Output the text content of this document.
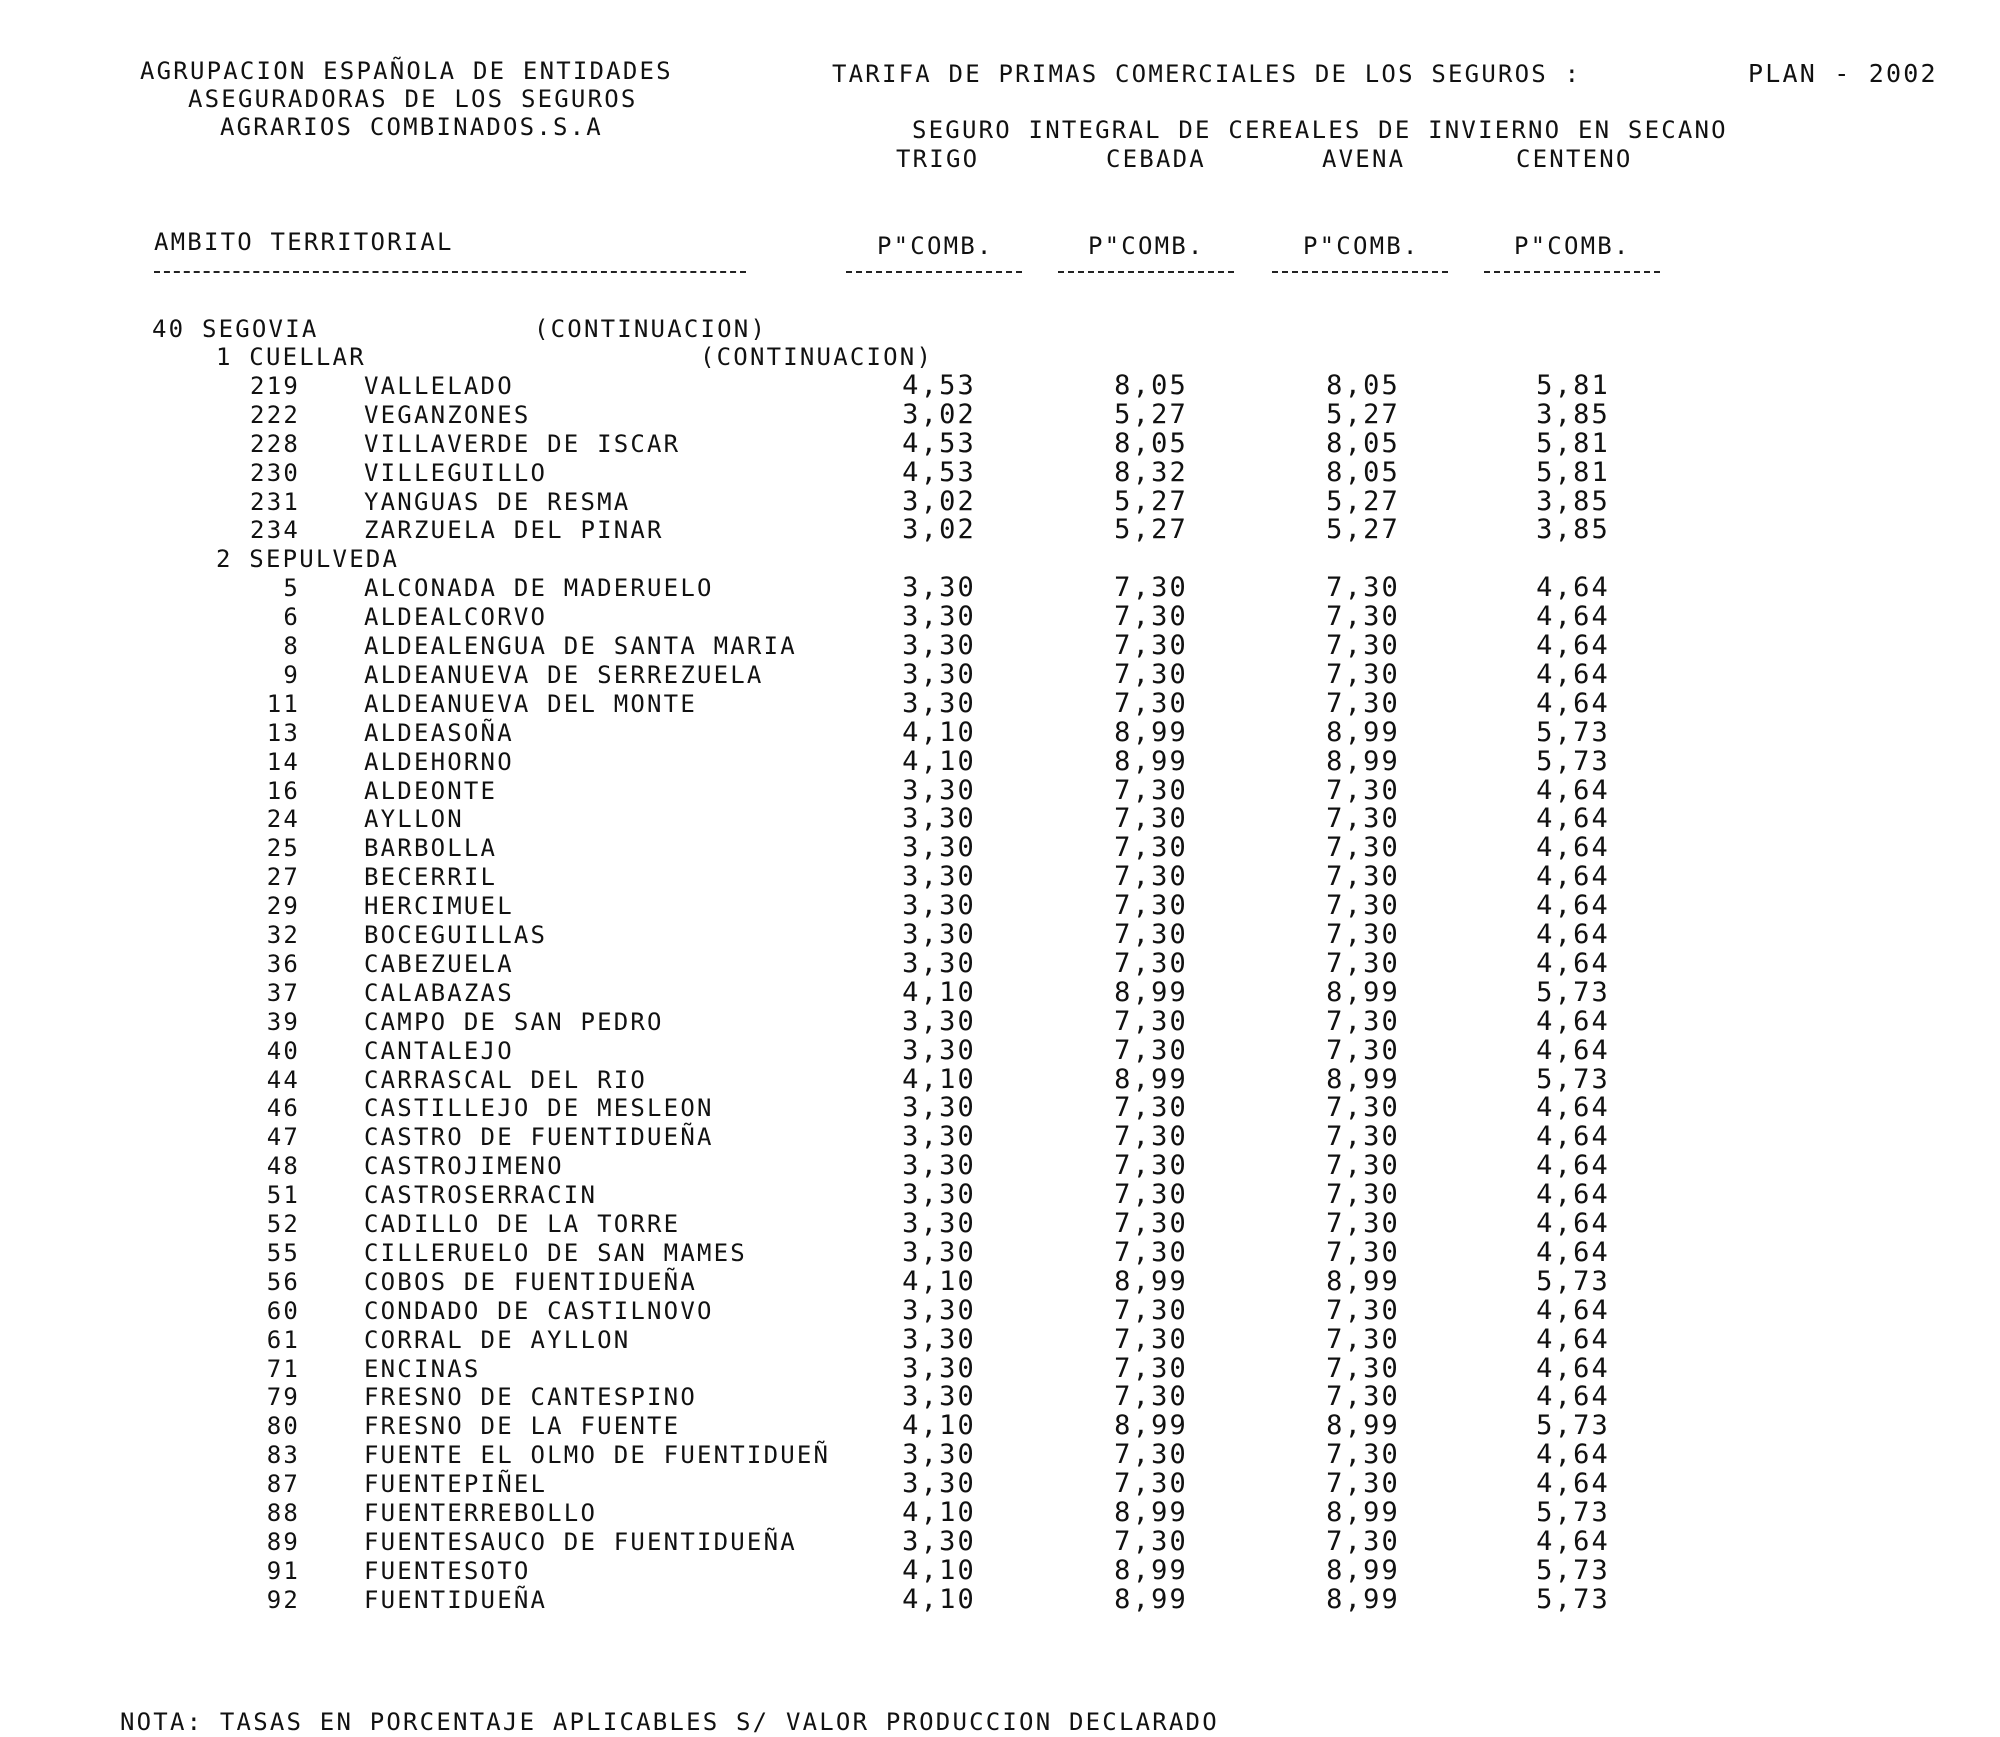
AGRUPACION ESPAÑOLA DE ENTIDADES
ASEGURADORAS DE LOS SEGUROS
AGRARIOS COMBINADOS.S.A
TARIFA DE PRIMAS COMERCIALES DE LOS SEGUROS :	PLAN - 2002
SEGURO INTEGRAL DE CEREALES DE INVIERNO EN SECANO
TRIGO	CEBADA	AVENA	CENTENO
AMBITO TERRITORIAL	P"COMB.	P"COMB.	P"COMB.	P"COMB.
40 SEGOVIA	(CONTINUACION)
1 CUELLAR	(CONTINUACION)
219	VALLELADO	4,53	8,05	8,05	5,81
222	VEGANZONES	3,02	5,27	5,27	3,85
228	VILLAVERDE DE ISCAR	4,53	8,05	8,05	5,81
230	VILLEGUILLO	4,53	8,32	8,05	5,81
231	YANGUAS DE RESMA	3,02	5,27	5,27	3,85
234	ZARZUELA DEL PINAR	3,02	5,27	5,27	3,85
2 SEPULVEDA
5	ALCONADA DE MADERUELO	3,30	7,30	7,30	4,64
6	ALDEALCORVO	3,30	7,30	7,30	4,64
8	ALDEALENGUA DE SANTA MARIA	3,30	7,30	7,30	4,64
9	ALDEANUEVA DE SERREZUELA	3,30	7,30	7,30	4,64
11	ALDEANUEVA DEL MONTE	3,30	7,30	7,30	4,64
13	ALDEASOÑA	4,10	8,99	8,99	5,73
14	ALDEHORNO	4,10	8,99	8,99	5,73
16	ALDEONTE	3,30	7,30	7,30	4,64
24	AYLLON	3,30	7,30	7,30	4,64
25	BARBOLLA	3,30	7,30	7,30	4,64
27	BECERRIL	3,30	7,30	7,30	4,64
29	HERCIMUEL	3,30	7,30	7,30	4,64
32	BOCEGUILLAS	3,30	7,30	7,30	4,64
36	CABEZUELA	3,30	7,30	7,30	4,64
37	CALABAZAS	4,10	8,99	8,99	5,73
39	CAMPO DE SAN PEDRO	3,30	7,30	7,30	4,64
40	CANTALEJO	3,30	7,30	7,30	4,64
44	CARRASCAL DEL RIO	4,10	8,99	8,99	5,73
46	CASTILLEJO DE MESLEON	3,30	7,30	7,30	4,64
47	CASTRO DE FUENTIDUEÑA	3,30	7,30	7,30	4,64
48	CASTROJIMENO	3,30	7,30	7,30	4,64
51	CASTROSERRACIN	3,30	7,30	7,30	4,64
52	CADILLO DE LA TORRE	3,30	7,30	7,30	4,64
55	CILLERUELO DE SAN MAMES	3,30	7,30	7,30	4,64
56	COBOS DE FUENTIDUEÑA	4,10	8,99	8,99	5,73
60	CONDADO DE CASTILNOVO	3,30	7,30	7,30	4,64
61	CORRAL DE AYLLON	3,30	7,30	7,30	4,64
71	ENCINAS	3,30	7,30	7,30	4,64
79	FRESNO DE CANTESPINO	3,30	7,30	7,30	4,64
80	FRESNO DE LA FUENTE	4,10	8,99	8,99	5,73
83	FUENTE EL OLMO DE FUENTIDUEÑ	3,30	7,30	7,30	4,64
87	FUENTEPIÑEL	3,30	7,30	7,30	4,64
88	FUENTERREBOLLO	4,10	8,99	8,99	5,73
89	FUENTESAUCO DE FUENTIDUEÑA	3,30	7,30	7,30	4,64
91	FUENTESOTO	4,10	8,99	8,99	5,73
92	FUENTIDUEÑA	4,10	8,99	8,99	5,73
NOTA: TASAS EN PORCENTAJE APLICABLES S/ VALOR PRODUCCION DECLARADO
